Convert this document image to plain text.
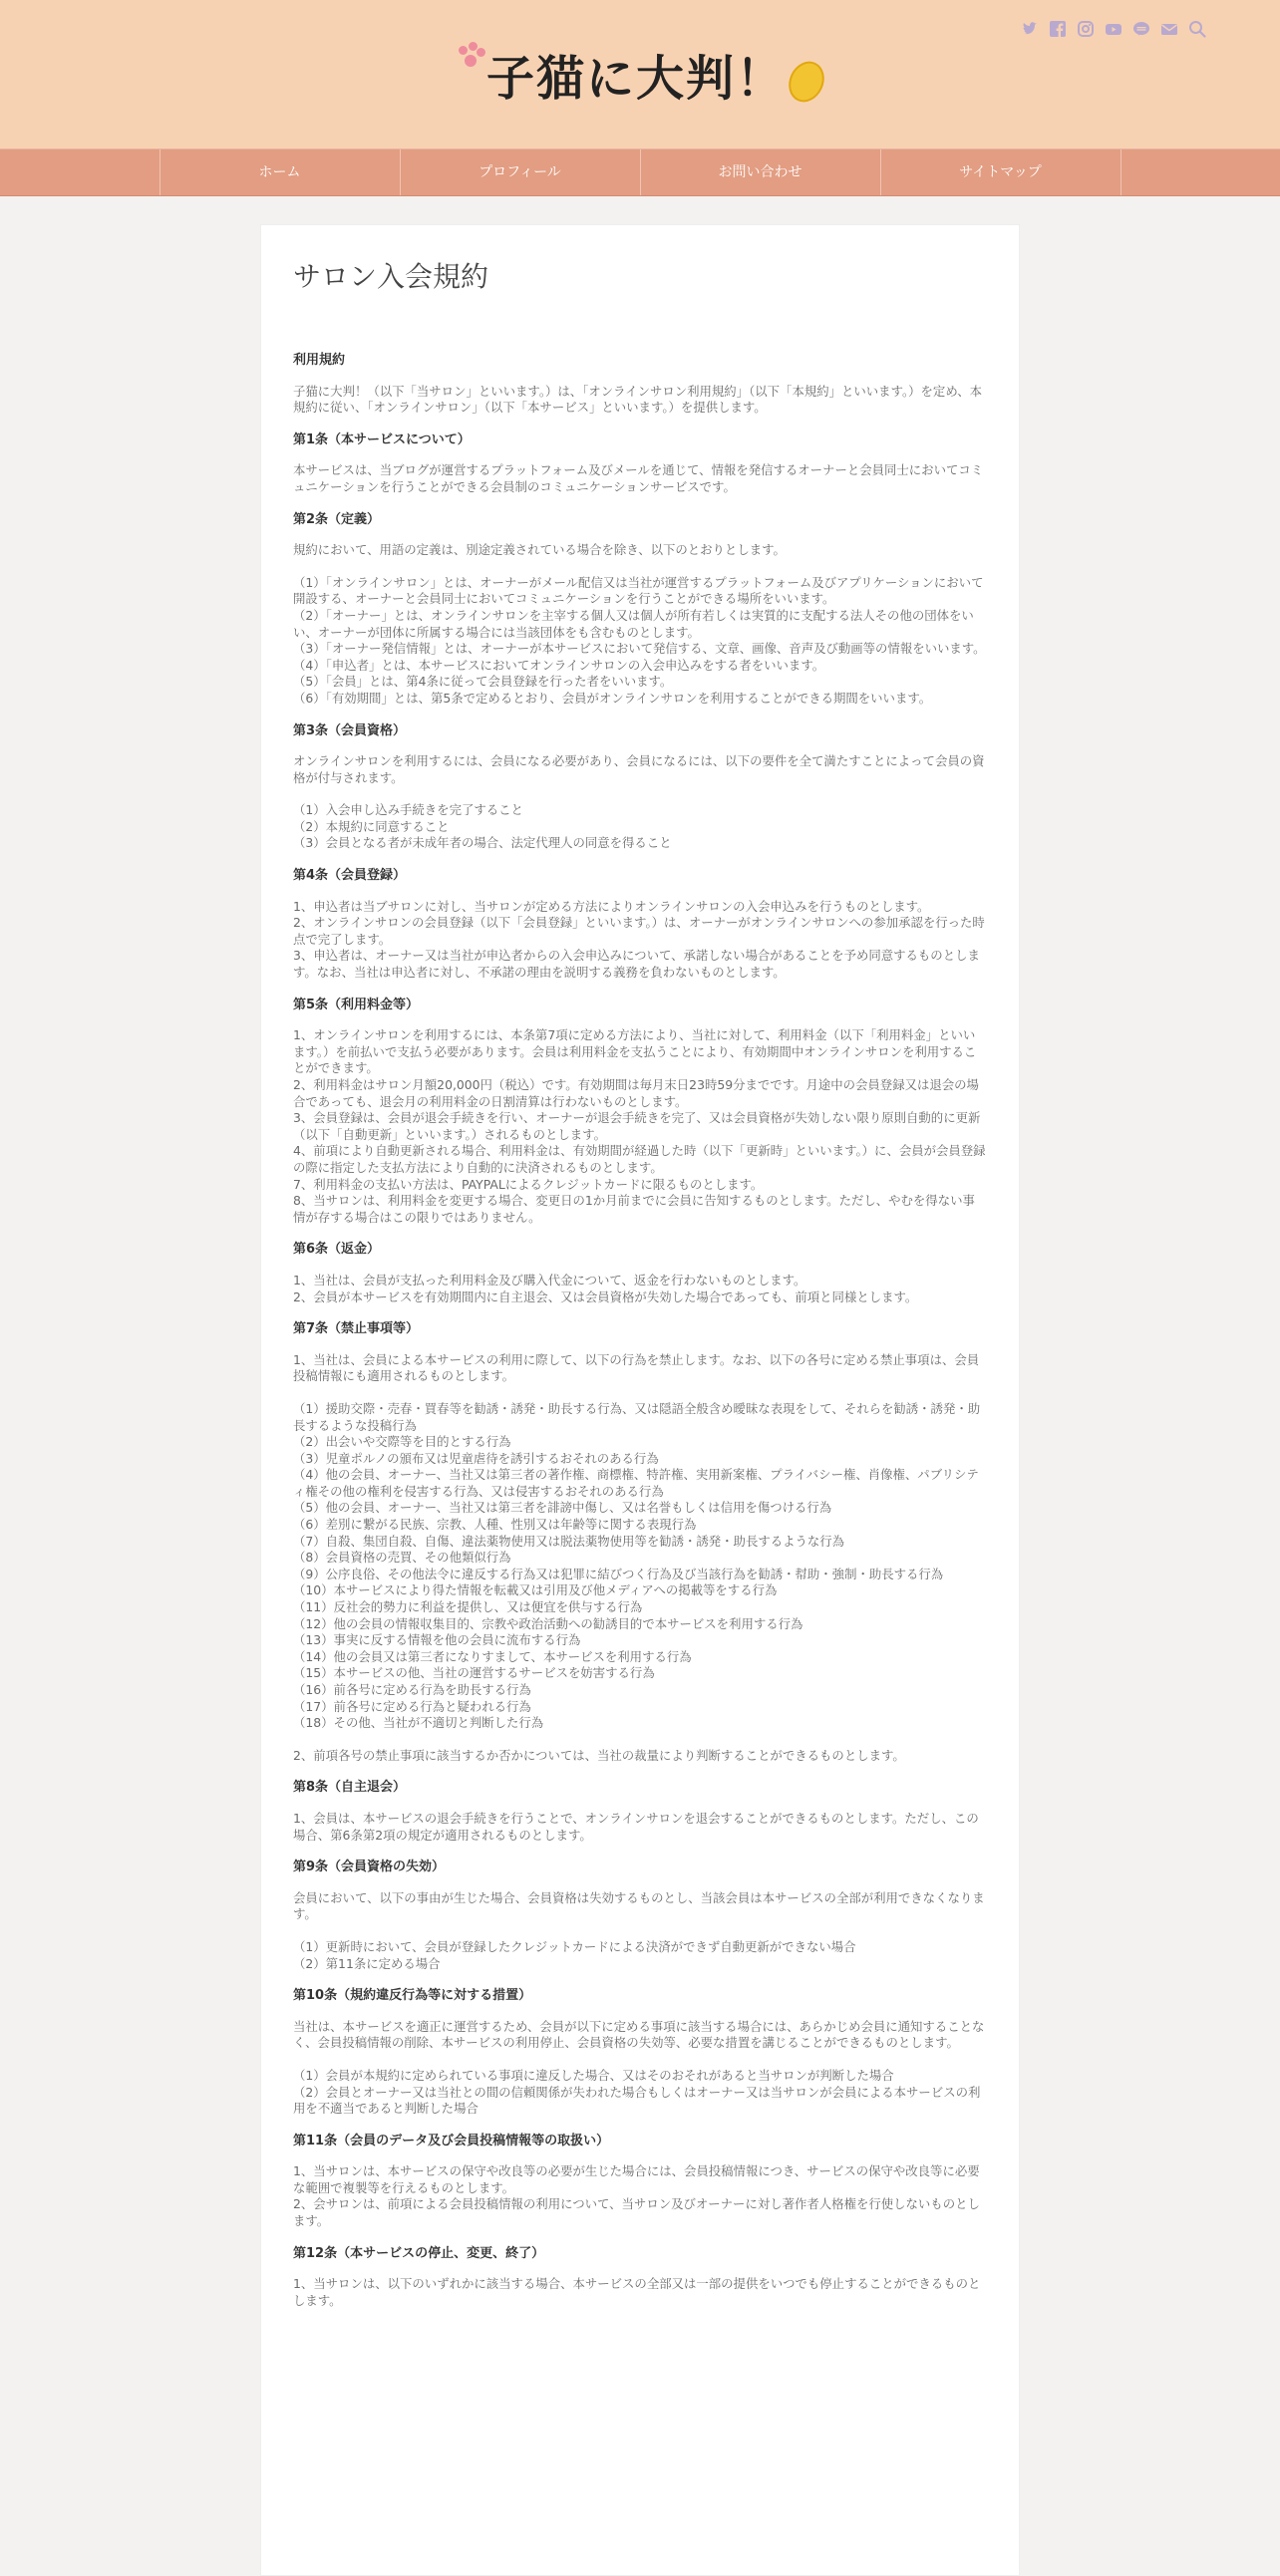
子猫に大判！
ホーム	プロフィール	お問い合わせ	サイトマップ
サロン入会規約
利用規約

子猫に大判！（以下「当サロン」といいます。）は、「オンラインサロン利用規約」（以下「本規約」といいます。）を定め、本規約に従い、「オンラインサロン」（以下「本サービス」といいます。）を提供します。

第1条（本サービスについて）

本サービスは、当ブログが運営するプラットフォーム及びメールを通じて、情報を発信するオーナーと会員同士においてコミュニケーションを行うことができる会員制のコミュニケーションサービスです。

第2条（定義）

規約において、用語の定義は、別途定義されている場合を除き、以下のとおりとします。

（1）「オンラインサロン」とは、オーナーがメール配信又は当社が運営するプラットフォーム及びアプリケーションにおいて開設する、オーナーと会員同士においてコミュニケーションを行うことができる場所をいいます。
（2）「オーナー」とは、オンラインサロンを主宰する個人又は個人が所有若しくは実質的に支配する法人その他の団体をいい、オーナーが団体に所属する場合には当該団体をも含むものとします。
（3）「オーナー発信情報」とは、オーナーが本サービスにおいて発信する、文章、画像、音声及び動画等の情報をいいます。
（4）「申込者」とは、本サービスにおいてオンラインサロンの入会申込みをする者をいいます。
（5）「会員」とは、第4条に従って会員登録を行った者をいいます。
（6）「有効期間」とは、第5条で定めるとおり、会員がオンラインサロンを利用することができる期間をいいます。

第3条（会員資格）

オンラインサロンを利用するには、会員になる必要があり、会員になるには、以下の要件を全て満たすことによって会員の資格が付与されます。

（1）入会申し込み手続きを完了すること
（2）本規約に同意すること
（3）会員となる者が未成年者の場合、法定代理人の同意を得ること

第4条（会員登録）

1、申込者は当ブサロンに対し、当サロンが定める方法によりオンラインサロンの入会申込みを行うものとします。
2、オンラインサロンの会員登録（以下「会員登録」といいます。）は、オーナーがオンラインサロンへの参加承認を行った時点で完了します。
3、申込者は、オーナー又は当社が申込者からの入会申込みについて、承諾しない場合があることを予め同意するものとします。なお、当社は申込者に対し、不承諾の理由を説明する義務を負わないものとします。

第5条（利用料金等）

1、オンラインサロンを利用するには、本条第7項に定める方法により、当社に対して、利用料金（以下「利用料金」といいます。）を前払いで支払う必要があります。会員は利用料金を支払うことにより、有効期間中オンラインサロンを利用することができます。
2、利用料金はサロン月額20,000円（税込）です。有効期間は毎月末日23時59分までです。月途中の会員登録又は退会の場合であっても、退会月の利用料金の日割清算は行わないものとします。
3、会員登録は、会員が退会手続きを行い、オーナーが退会手続きを完了、又は会員資格が失効しない限り原則自動的に更新（以下「自動更新」といいます。）されるものとします。
4、前項により自動更新される場合、利用料金は、有効期間が経過した時（以下「更新時」といいます。）に、会員が会員登録の際に指定した支払方法により自動的に決済されるものとします。
7、利用料金の支払い方法は、PAYPALによるクレジットカードに限るものとします。
8、当サロンは、利用料金を変更する場合、変更日の1か月前までに会員に告知するものとします。ただし、やむを得ない事情が存する場合はこの限りではありません。

第6条（返金）

1、当社は、会員が支払った利用料金及び購入代金について、返金を行わないものとします。
2、会員が本サービスを有効期間内に自主退会、又は会員資格が失効した場合であっても、前項と同様とします。

第7条（禁止事項等）

1、当社は、会員による本サービスの利用に際して、以下の行為を禁止します。なお、以下の各号に定める禁止事項は、会員投稿情報にも適用されるものとします。

（1）援助交際・売春・買春等を勧誘・誘発・助長する行為、又は隠語全般含め曖昧な表現をして、それらを勧誘・誘発・助長するような投稿行為
（2）出会いや交際等を目的とする行為
（3）児童ポルノの頒布又は児童虐待を誘引するおそれのある行為
（4）他の会員、オーナー、当社又は第三者の著作権、商標権、特許権、実用新案権、プライバシー権、肖像権、パブリシティ権その他の権利を侵害する行為、又は侵害するおそれのある行為
（5）他の会員、オーナー、当社又は第三者を誹謗中傷し、又は名誉もしくは信用を傷つける行為
（6）差別に繋がる民族、宗教、人種、性別又は年齢等に関する表現行為
（7）自殺、集団自殺、自傷、違法薬物使用又は脱法薬物使用等を勧誘・誘発・助長するような行為
（8）会員資格の売買、その他類似行為
（9）公序良俗、その他法令に違反する行為又は犯罪に結びつく行為及び当該行為を勧誘・幇助・強制・助長する行為
（10）本サービスにより得た情報を転載又は引用及び他メディアへの掲載等をする行為
（11）反社会的勢力に利益を提供し、又は便宜を供与する行為
（12）他の会員の情報収集目的、宗教や政治活動への勧誘目的で本サービスを利用する行為
（13）事実に反する情報を他の会員に流布する行為
（14）他の会員又は第三者になりすまして、本サービスを利用する行為
（15）本サービスの他、当社の運営するサービスを妨害する行為
（16）前各号に定める行為を助長する行為
（17）前各号に定める行為と疑われる行為
（18）その他、当社が不適切と判断した行為

2、前項各号の禁止事項に該当するか否かについては、当社の裁量により判断することができるものとします。

第8条（自主退会）

1、会員は、本サービスの退会手続きを行うことで、オンラインサロンを退会することができるものとします。ただし、この場合、第6条第2項の規定が適用されるものとします。

第9条（会員資格の失効）

会員において、以下の事由が生じた場合、会員資格は失効するものとし、当該会員は本サービスの全部が利用できなくなります。

（1）更新時において、会員が登録したクレジットカードによる決済ができず自動更新ができない場合
（2）第11条に定める場合

第10条（規約違反行為等に対する措置）

当社は、本サービスを適正に運営するため、会員が以下に定める事項に該当する場合には、あらかじめ会員に通知することなく、会員投稿情報の削除、本サービスの利用停止、会員資格の失効等、必要な措置を講じることができるものとします。

（1）会員が本規約に定められている事項に違反した場合、又はそのおそれがあると当サロンが判断した場合
（2）会員とオーナー又は当社との間の信頼関係が失われた場合もしくはオーナー又は当サロンが会員による本サービスの利用を不適当であると判断した場合

第11条（会員のデータ及び会員投稿情報等の取扱い）

1、当サロンは、本サービスの保守や改良等の必要が生じた場合には、会員投稿情報につき、サービスの保守や改良等に必要な範囲で複製等を行えるものとします。
2、会サロンは、前項による会員投稿情報の利用について、当サロン及びオーナーに対し著作者人格権を行使しないものとします。

第12条（本サービスの停止、変更、終了）

1、当サロンは、以下のいずれかに該当する場合、本サービスの全部又は一部の提供をいつでも停止することができるものとします。
